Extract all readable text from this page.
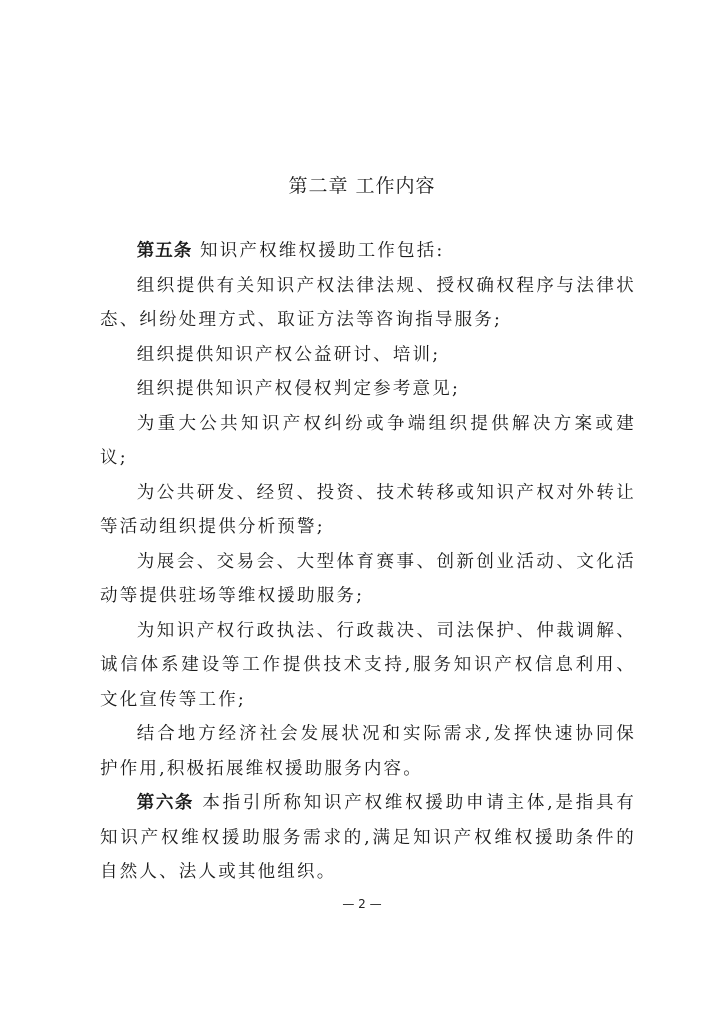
第二章 工作内容

第五条 知识产权维权援助工作包括:

组织提供有关知识产权法律法规、授权确权程序与法律状态、纠纷处理方式、取证方法等咨询指导服务;

组织提供知识产权公益研讨、培训;

组织提供知识产权侵权判定参考意见;

为重大公共知识产权纠纷或争端组织提供解决方案或建议;

为公共研发、经贸、投资、技术转移或知识产权对外转让等活动组织提供分析预警;

为展会、交易会、大型体育赛事、创新创业活动、文化活动等提供驻场等维权援助服务;

为知识产权行政执法、行政裁决、司法保护、仲裁调解、诚信体系建设等工作提供技术支持,服务知识产权信息利用、文化宣传等工作;

结合地方经济社会发展状况和实际需求,发挥快速协同保护作用,积极拓展维权援助服务内容。

第六条 本指引所称知识产权维权援助申请主体,是指具有知识产权维权援助服务需求的,满足知识产权维权援助条件的自然人、法人或其他组织。

— 2 —
